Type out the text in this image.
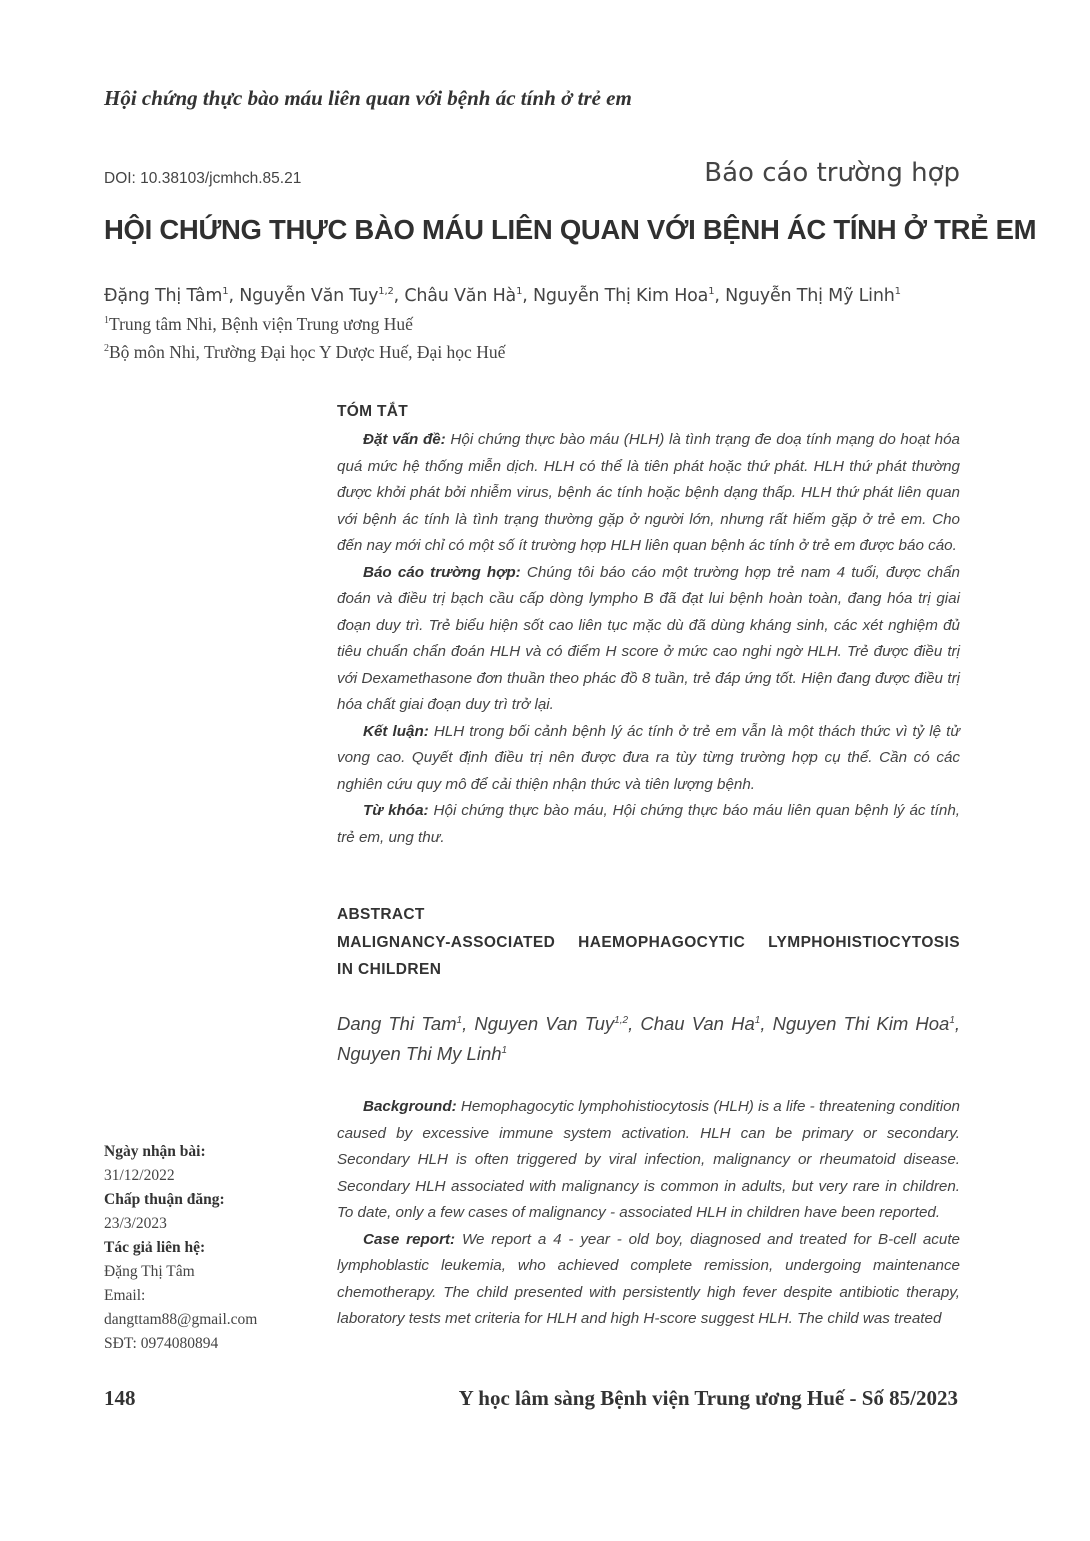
Hội chứng thực bào máu liên quan với bệnh ác tính ở trẻ em
DOI: 10.38103/jcmhch.85.21	Báo cáo trường hợp
HỘI CHỨNG THỰC BÀO MÁU LIÊN QUAN VỚI BỆNH ÁC TÍNH Ở TRẺ EM
Đặng Thị Tâm$^1$, Nguyễn Văn Tuy$^{1,2}$, Châu Văn $Hà^1$, Nguyễn Thị Kim Hoa$^1$, Nguyễn Thị Mỹ Linh$^1$
$^1$Trung tâm Nhi, Bệnh viện Trung ương Huế
$^2$Bộ môn Nhi, Trường Đại học Y Dược Huế, Đại học Huế
TÓM TẮT

Đặt vấn đề: Hội chứng thực bào máu (HLH) là tình trạng đe doạ tính mạng do hoạt hóa quá mức hệ thống miễn dịch. HLH có thể là tiên phát hoặc thứ phát. HLH thứ phát thường được khởi phát bởi nhiễm virus, bệnh ác tính hoặc bệnh dạng thấp. HLH thứ phát liên quan với bệnh ác tính là tình trạng thường gặp ở người lớn, nhưng rất hiếm gặp ở trẻ em. Cho đến nay mới chỉ có một số ít trường hợp HLH liên quan bệnh ác tính ở trẻ em được báo cáo.

Báo cáo trường hợp: Chúng tôi báo cáo một trường hợp trẻ nam 4 tuổi, được chẩn đoán và điều trị bạch cầu cấp dòng lympho B đã đạt lui bệnh hoàn toàn, đang hóa trị giai đoạn duy trì. Trẻ biểu hiện sốt cao liên tục mặc dù đã dùng kháng sinh, các xét nghiệm đủ tiêu chuẩn chẩn đoán HLH và có điểm H score ở mức cao nghi ngờ HLH. Trẻ được điều trị với Dexamethasone đơn thuần theo phác đồ 8 tuần, trẻ đáp ứng tốt. Hiện đang được điều trị hóa chất giai đoạn duy trì trở lại.

Kết luận: HLH trong bối cảnh bệnh lý ác tính ở trẻ em vẫn là một thách thức vì tỷ lệ tử vong cao. Quyết định điều trị nên được đưa ra tùy từng trường hợp cụ thể. Cần có các nghiên cứu quy mô để cải thiện nhận thức và tiên lượng bệnh.

Từ khóa: Hội chứng thực bào máu, Hội chứng thực báo máu liên quan bệnh lý ác tính, trẻ em, ung thư.

ABSTRACT
MALIGNANCY-ASSOCIATED HAEMOPHAGOCYTIC LYMPHOHISTIOCYTOSIS
IN CHILDREN
Dang Thi Tam$^1$, Nguyen Van Tuy$^{1,2}$, Chau Van Ha$^1$, Nguyen Thi Kim Hoa$^1$, Nguyen Thi My Linh$^1$

Background: Hemophagocytic lymphohistiocytosis (HLH) is a life - threatening condition caused by excessive immune system activation. HLH can be primary or secondary. Secondary HLH is often triggered by viral infection, malignancy or rheumatoid disease. Secondary HLH associated with malignancy is common in adults, but very rare in children. To date, only a few cases of malignancy - associated HLH in children have been reported.

Case report: We report a 4 - year - old boy, diagnosed and treated for B-cell acute lymphoblastic leukemia, who achieved complete remission, undergoing maintenance chemotherapy. The child presented with persistently high fever despite antibiotic therapy, laboratory tests met criteria for HLH and high H-score suggest HLH. The child was treated

Ngày nhận bài:
31/12/2022
Chấp thuận đăng:
23/3/2023
Tác giả liên hệ:
Đặng Thị Tâm
Email:
dangttam88@gmail.com
SĐT: 0974080894
148	Y học lâm sàng Bệnh viện Trung ương Huế - Số 85/2023
